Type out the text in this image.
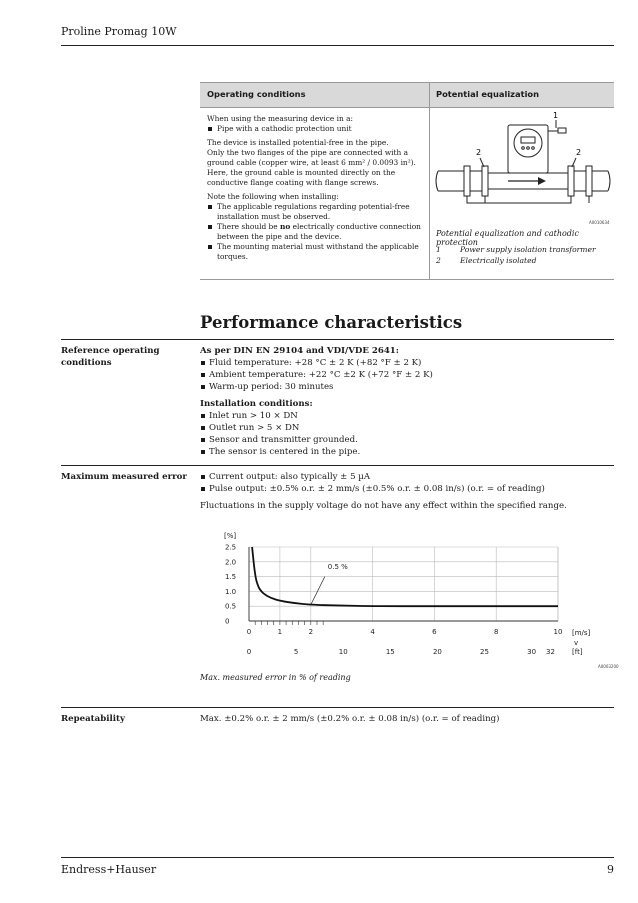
Proline Promag 10W
Operating conditions	Potential equalization

When using the measuring device in a:

Pipe with a cathodic protection unit

The device is installed potential-free in the pipe.

Only the two flanges of the pipe are connected with a ground cable (copper wire, at least 6 mm² / 0.0093 in²). Here, the ground cable is mounted directly on the conductive flange coating with flange screws.

Note the following when installing:

The applicable regulations regarding potential-free installation must be observed.
There should be no electrically conductive connection between the pipe and the device.
The mounting material must withstand the applicable torques.
1
2	2
A0010634
Potential equalization and cathodic protection
1	Power supply isolation transformer
2	Electrically isolated
Performance characteristics
Reference operating conditions
As per DIN EN 29104 and VDI/VDE 2641:
Fluid temperature: +28 °C ± 2 K (+82 °F ± 2 K)
Ambient temperature: +22 °C ±2 K (+72 °F ± 2 K)
Warm-up period: 30 minutes
Installation conditions:
Inlet run > 10 × DN
Outlet run > 5 × DN
Sensor and transmitter grounded.
The sensor is centered in the pipe.
Maximum measured error	Current output: also typically ± 5 µA
Pulse output: ±0.5% o.r. ± 2 mm/s (±0.5% o.r. ± 0.08 in/s) (o.r. = of reading)
Fluctuations in the supply voltage do not have any effect within the specified range.
2.5
2.0
1.5
1.0
0.5
0
0	1	2	4	6	8	10
0	5	10	15	20	25	30 32
0.5 %
[%]
[m/s]
[ft]
v
A0003200
Max. measured error in % of reading
Repeatability	Max. ±0.2% o.r. ± 2 mm/s (±0.2% o.r. ± 0.08 in/s) (o.r. = of reading)
Endress+Hauser	9
